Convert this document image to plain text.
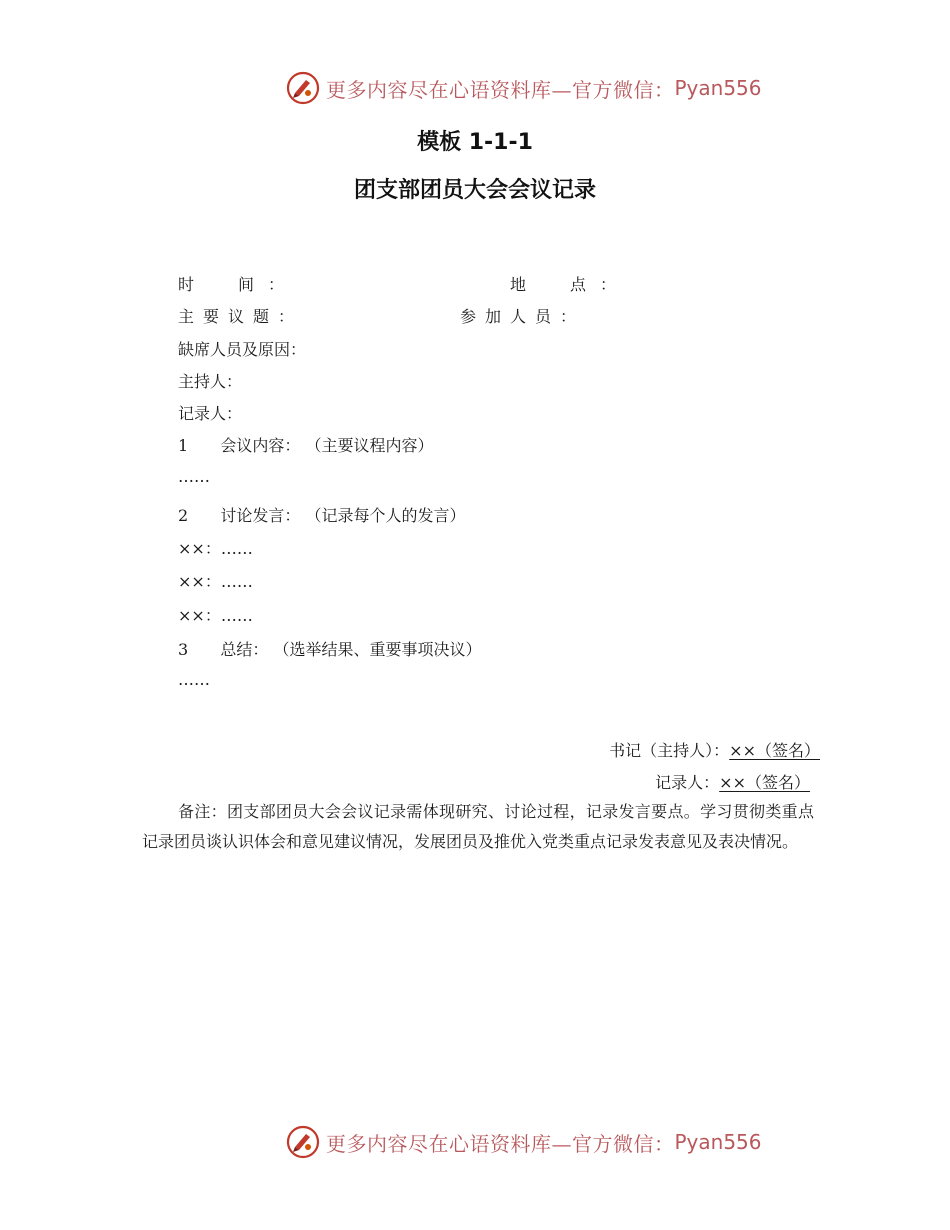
更多内容尽在心语资料库—官方微信： Pyan556
模板 1-1-1
团支部团员大会会议记录
时　间：	地　点：
主要议题：	参加人员：
缺席人员及原因：
主持人：
记录人：
1 会议内容： （主要议程内容）
……
2 讨论发言： （记录每个人的发言）
××：……
××：……
××：……
3 总结： （选举结果、重要事项决议）
……
书记（主持人）：××（签名）
记录人：××（签名）
备注：团支部团员大会会议记录需体现研究、讨论过程，记录发言要点。学习贯彻类重点记录团员谈认识体会和意见建议情况，发展团员及推优入党类重点记录发表意见及表决情况。
更多内容尽在心语资料库—官方微信： Pyan556
